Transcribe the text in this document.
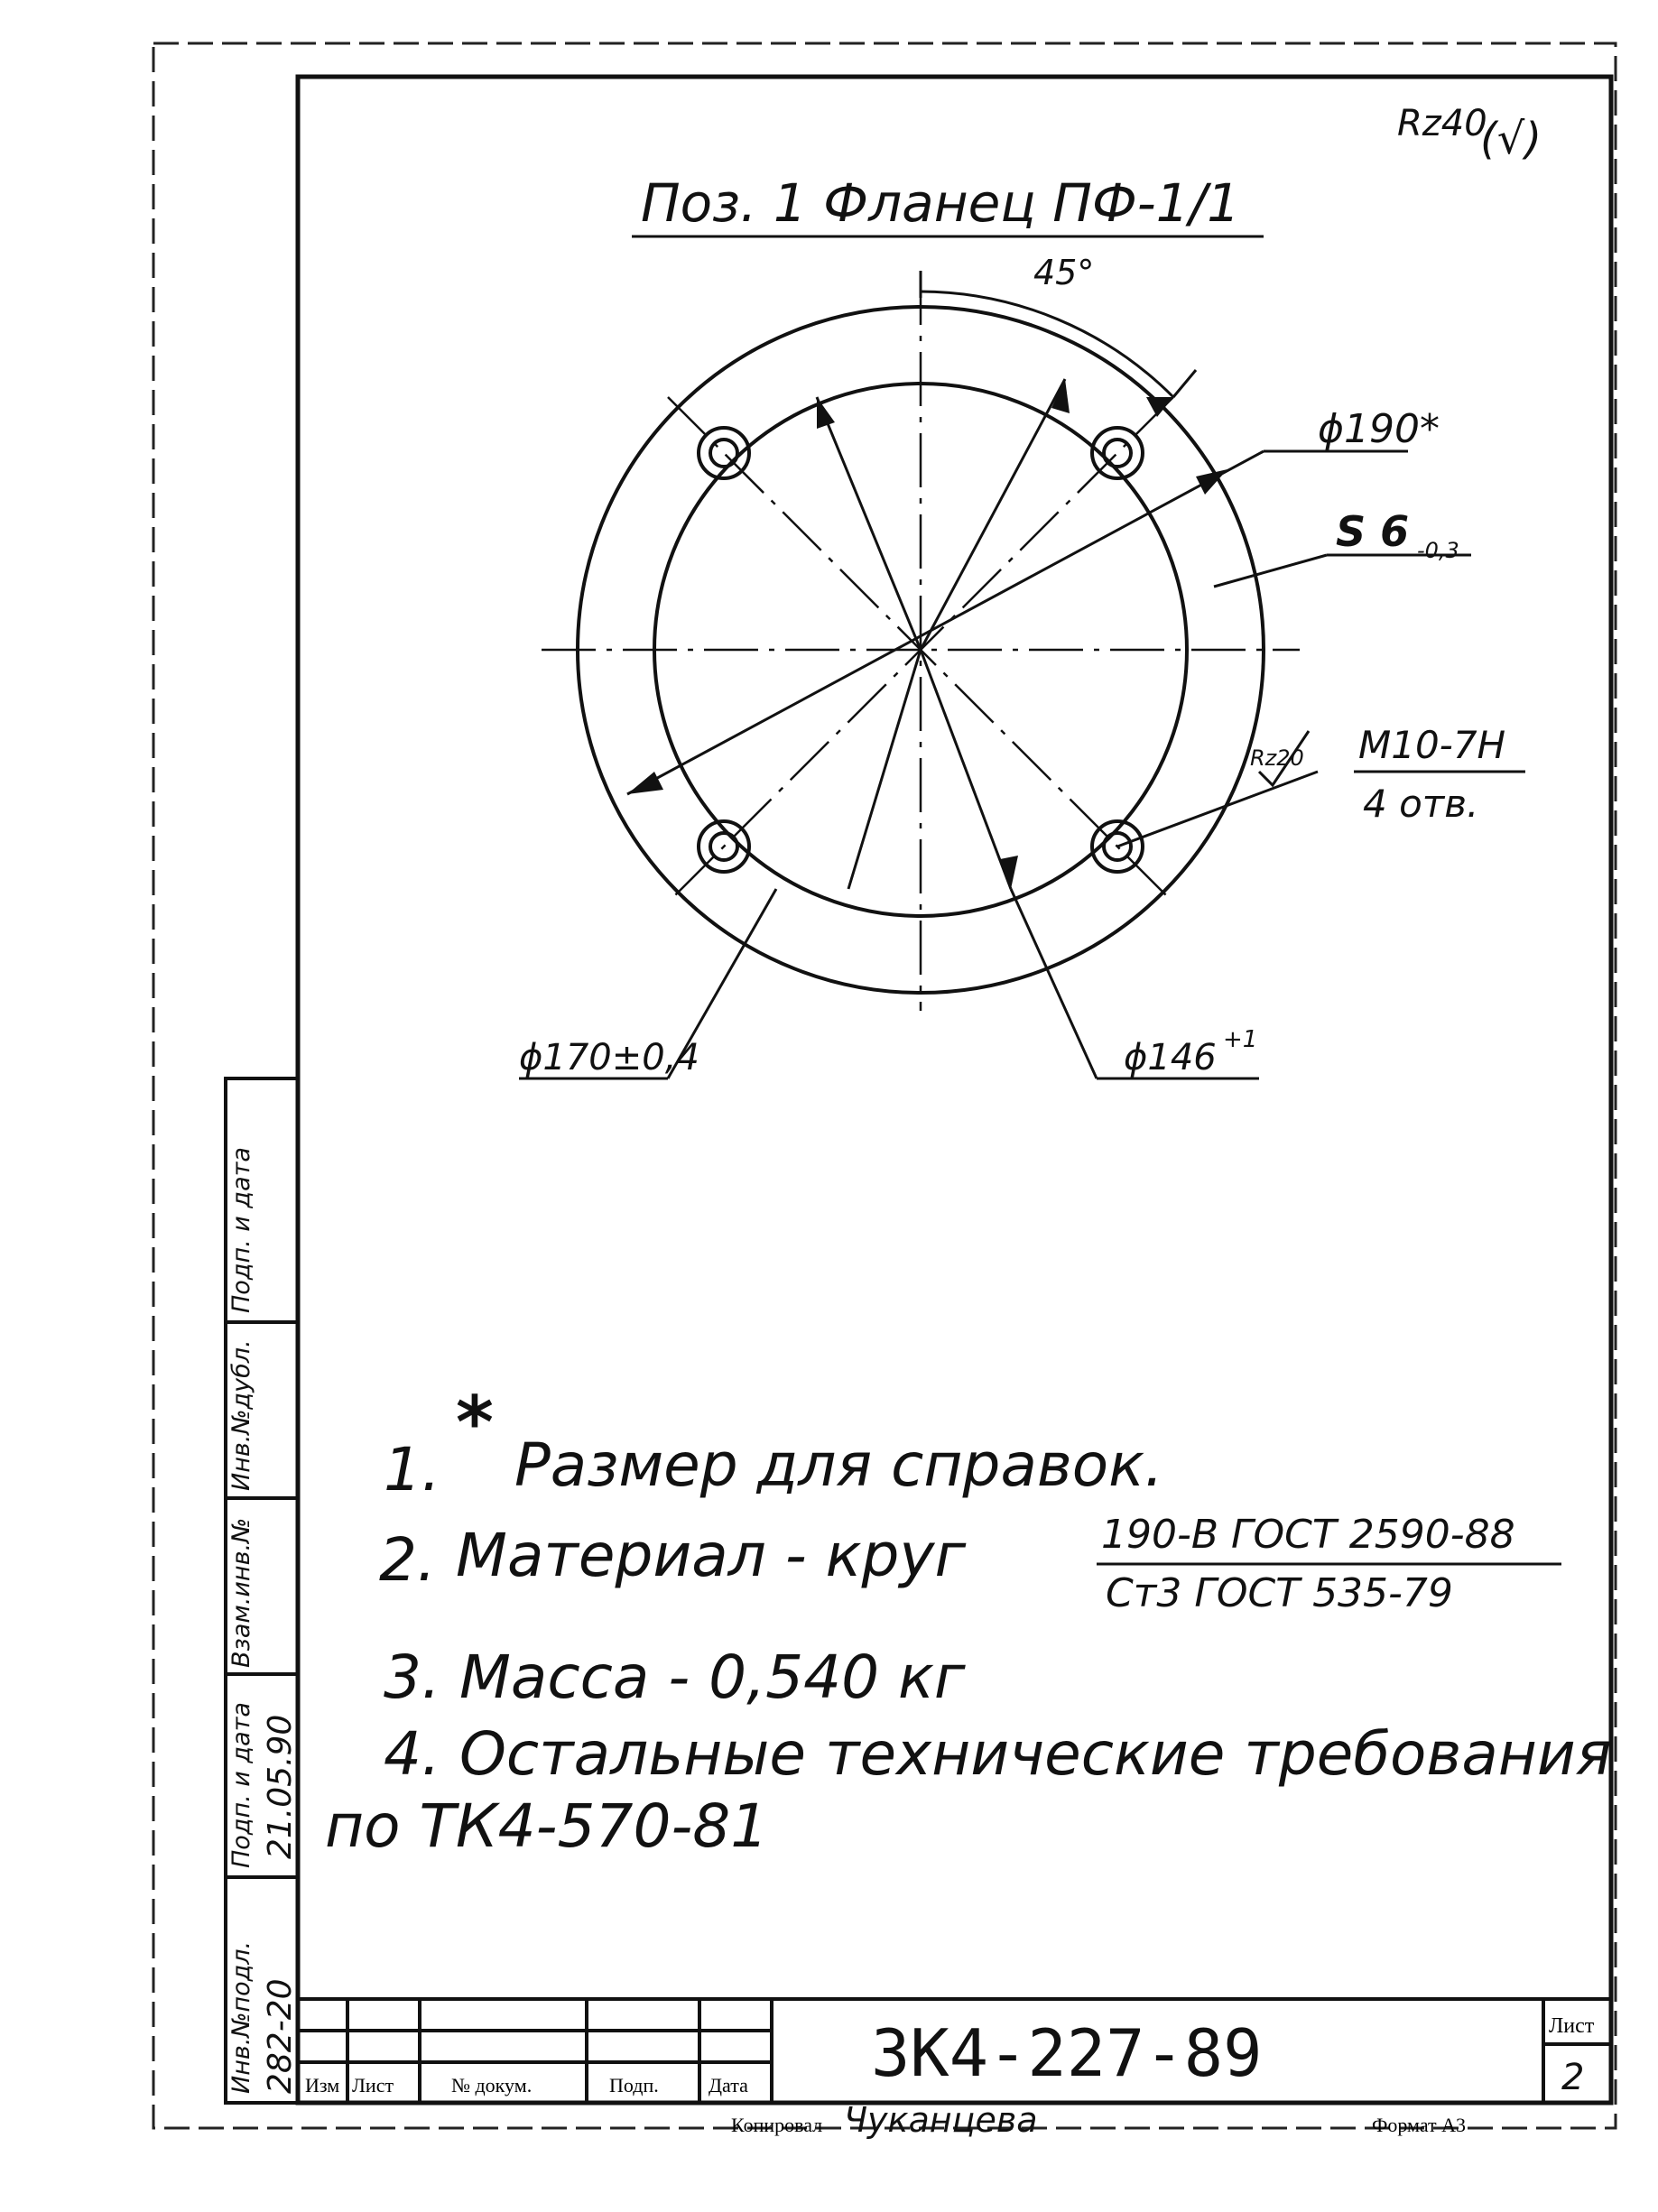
Rz40
(√)
Поз. 1 Фланец ПФ-1/1
45°
ϕ190*
S 6 -0,3
Rz20 М10-7Н
4 отв.
ϕ170±0,4	ϕ146 +1
3К4-227-89
Изм Лист	№ докум.	Подп.	Дата
Лист
2
Копировал Чуканцева	Формат А3
1.
*
Размер для справок.
2. Материал - круг	190-В ГОСТ 2590-88
Ст3 ГОСТ 535-79
3. Масса - 0,540 кг
4. Остальные технические требования
по ТК4-570-81
Инв.№подл.
Подп. и дата
Взам.инв.№
Инв.№дубл.
Подп. и дата
282-20
21.05.90
